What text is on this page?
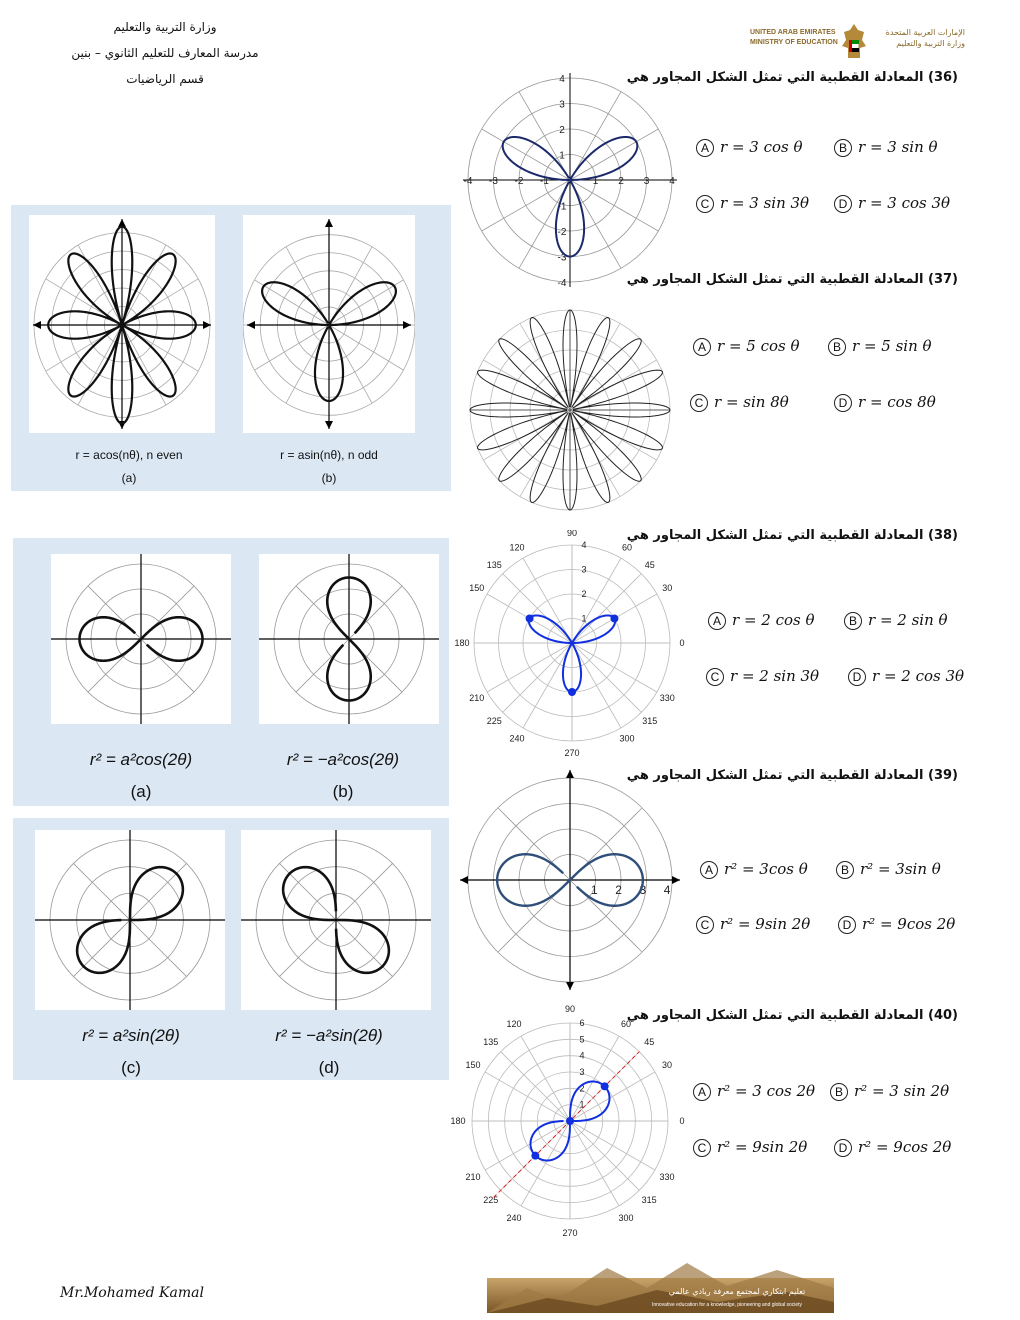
وزارة التربية والتعليم
مدرسة المعارف للتعليم الثانوي – بنين
قسم الرياضيات
UNITED ARAB EMIRATES
MINISTRY OF EDUCATION
الإمارات العربية المتحدة
وزارة التربية والتعليم
r = acos(nθ), n even
(a)
r = asin(nθ), n odd
(b)
r² = a²cos(2θ)
(a)
r² = −a²cos(2θ)
(b)
r² = a²sin(2θ)
(c)
r² = −a²sin(2θ)
(d)
-4 -3 -2 -1	1 2 3 4
4
3
2
1
-1
-2
-3
-4
90
60
45
30
0
330
315
300
270
240
225
210
180
150
135
120
1
2
3
4
1 2 3 4
90
60
45
30
0
330
315
300
270
240
225
210
180
150
135
120
1
2
3
4
5
6
(36) المعادلة القطبية التي تمثل الشكل المجاور هي
A r = 3 cos θ	B r = 3 sin θ
C r = 3 sin 3θ	D r = 3 cos 3θ
(37) المعادلة القطبية التي تمثل الشكل المجاور هي
A r = 5 cos θ	B r = 5 sin θ
C r = sin 8θ	D r = cos 8θ
(38) المعادلة القطبية التي تمثل الشكل المجاور هي
A r = 2 cos θ	B r = 2 sin θ
C r = 2 sin 3θ	D r = 2 cos 3θ
(39) المعادلة القطبية التي تمثل الشكل المجاور هي
A r² = 3cos θ	B r² = 3sin θ
C r² = 9sin 2θ	D r² = 9cos 2θ
(40) المعادلة القطبية التي تمثل الشكل المجاور هي
A r² = 3 cos 2θ	B r² = 3 sin 2θ
C r² = 9sin 2θ	D r² = 9cos 2θ
Mr.Mohamed Kamal	تعليم ابتكاري لمجتمع معرفة ريادي عالمي
Innovative education for a knowledge, pioneering and global society
